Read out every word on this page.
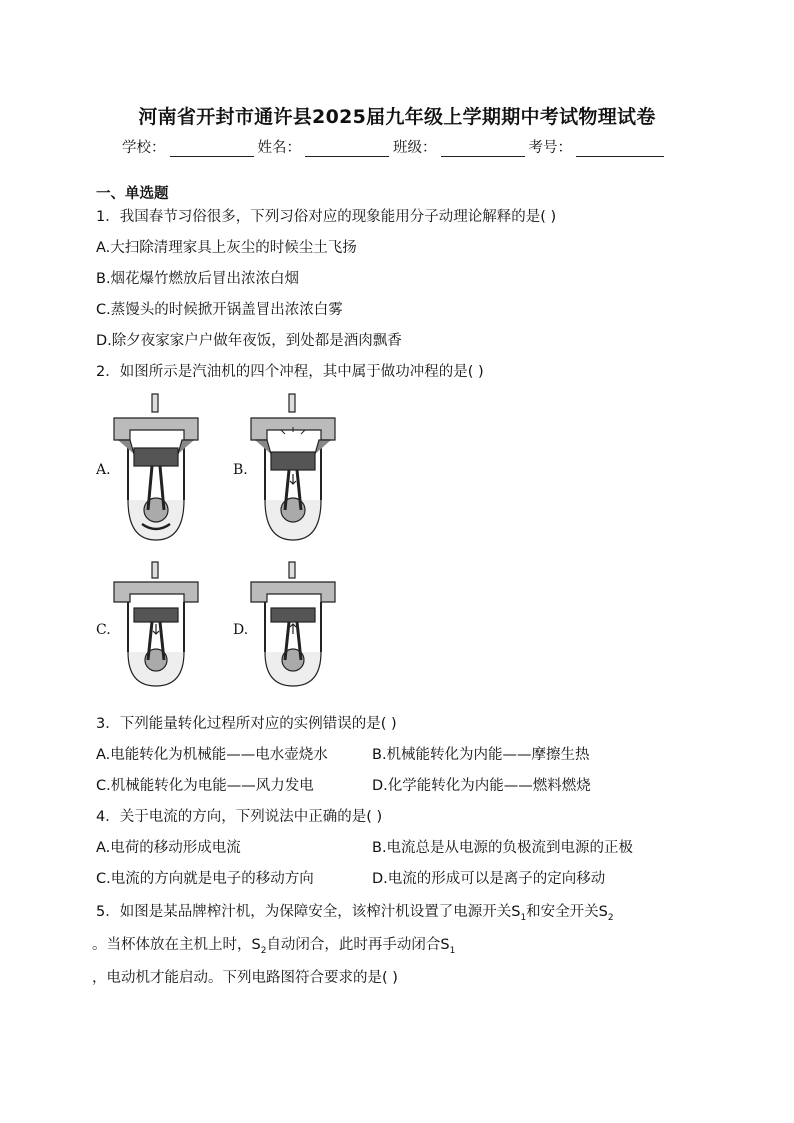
河南省开封市通许县2025届九年级上学期期中考试物理试卷
学校：	姓名：	班级：	考号：
一、单选题
1．我国春节习俗很多，下列习俗对应的现象能用分子动理论解释的是( )
A.大扫除清理家具上灰尘的时候尘土飞扬
B.烟花爆竹燃放后冒出浓浓白烟
C.蒸馒头的时候掀开锅盖冒出浓浓白雾
D.除夕夜家家户户做年夜饭，到处都是酒肉飘香
2．如图所示是汽油机的四个冲程，其中属于做功冲程的是( )
A.	B.
C.	D.
3．下列能量转化过程所对应的实例错误的是( )
A.电能转化为机械能——电水壶烧水	B.机械能转化为内能——摩擦生热
C.机械能转化为电能——风力发电	D.化学能转化为内能——燃料燃烧
4．关于电流的方向，下列说法中正确的是( )
A.电荷的移动形成电流	B.电流总是从电源的负极流到电源的正极
C.电流的方向就是电子的移动方向	D.电流的形成可以是离子的定向移动
5．如图是某品牌榨汁机，为保障安全，该榨汁机设置了电源开关$S_1$和安全开关$S_2$
。当杯体放在主机上时，$S_2$自动闭合，此时再手动闭合$S_1$
，电动机才能启动。下列电路图符合要求的是( )
